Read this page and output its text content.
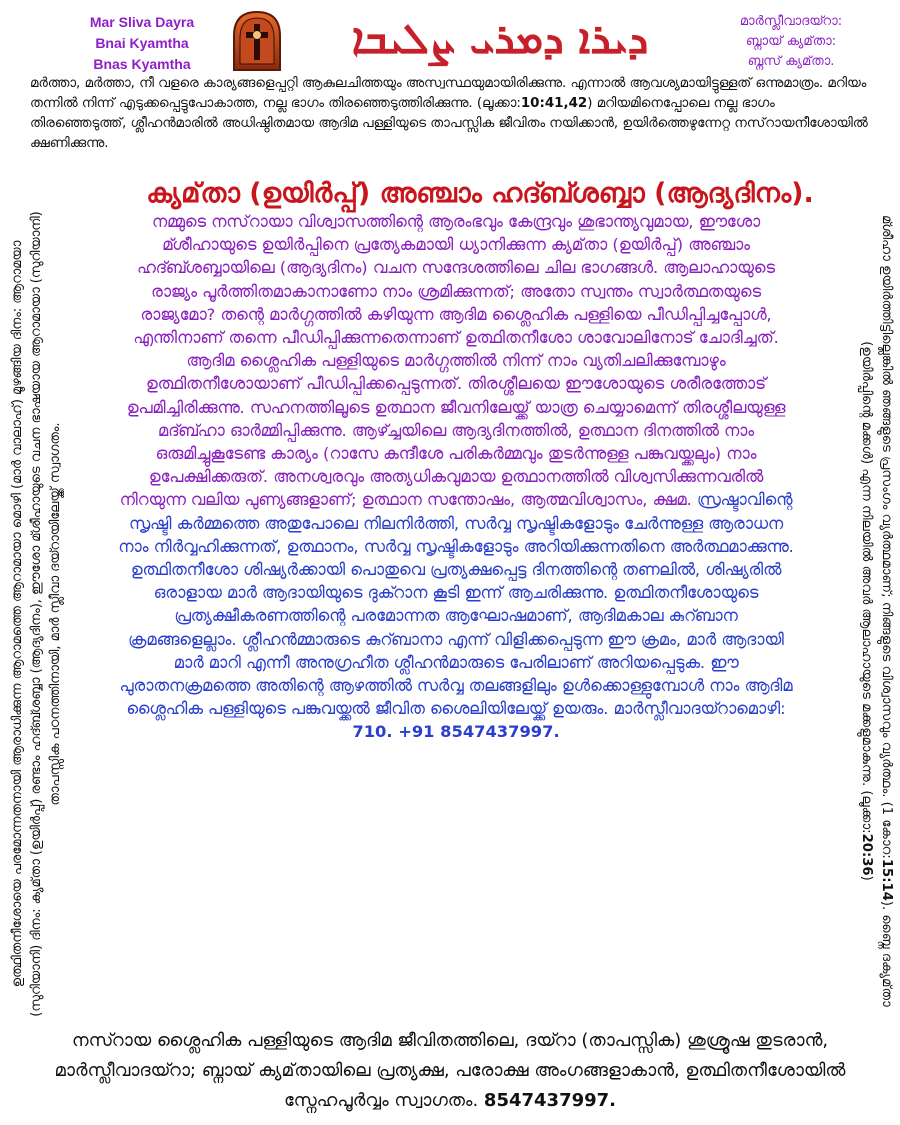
Mar Sliva Dayra
Bnai Kyamtha
Bnas Kyamtha
ܕܝܪܐ ܕܡܪܝ ܨܠܝܒܐ	മാർസ്ലീവാദയ്റാ:
ബ്നായ് ക്യമ്‌താ:
ബ്നസ് ക്യമ്‌താ.
മർത്താ, മർത്താ, നീ വളരെ കാര്യങ്ങളെപ്പറ്റി ആകുലചിത്തയും അസ്വസ്ഥയുമായിരിക്കുന്നു. എന്നാൽ ആവശ്യമായിട്ടുള്ളത് ഒന്നുമാത്രം. മറിയം തന്നിൽ നിന്ന് എടുക്കപ്പെട്ടുപോകാത്ത, നല്ല ഭാഗം തിരഞ്ഞെടുത്തിരിക്കുന്നു. (ലൂക്കാ:10:41,42) മറിയമിനെപ്പോലെ നല്ല ഭാഗം തിരഞ്ഞെടുത്ത്, ശ്ലീഹൻമാരിൽ അധിഷ്ഠിതമായ ആദിമ പള്ളിയുടെ താപസ്സിക ജീവിതം നയിക്കാൻ, ഉയിർത്തെഴുന്നേറ്റ നസ്‌റായനീശോയിൽ ക്ഷണിക്കുന്നു.
ക്യമ്‌താ (ഉയിർപ്പ്) അഞ്ചാം ഹദ്ബ്ശബ്ബാ (ആദ്യദിനം).
നമ്മുടെ നസ്‌റായാ വിശ്വാസത്തിന്റെ ആരംഭവും കേന്ദ്രവും ശുഭാന്ത്യവുമായ, ഈശോ മ്ശീഹായുടെ ഉയിർപ്പിനെ പ്രത്യേകമായി ധ്യാനിക്കുന്ന ക്യമ്‌താ (ഉയിർപ്പ്) അഞ്ചാം ഹദ്ബ്ശബ്ബായിലെ (ആദ്യദിനം) വചന സന്ദേശത്തിലെ ചില ഭാഗങ്ങൾ. ആലാഹായുടെ രാജ്യം പൂർത്തിതമാകാനാണോ നാം ശ്രമിക്കുന്നത്; അതോ സ്വന്തം സ്വാർത്ഥതയുടെ രാജ്യമോ? തന്റെ മാർഗ്ഗത്തിൽ കഴിയുന്ന ആദിമ ശ്ലൈഹിക പള്ളിയെ പീഡിപ്പിച്ചപ്പോൾ, എന്തിനാണ് തന്നെ പീഡിപ്പിക്കുന്നതെന്നാണ് ഉത്ഥിതനീശോ ശാവോലിനോട് ചോദിച്ചത്. ആദിമ ശ്ലൈഹിക പള്ളിയുടെ മാർഗ്ഗത്തിൽ നിന്ന് നാം വ്യതിചലിക്കുമ്പോഴും ഉത്ഥിതനീശോയാണ് പീഡിപ്പിക്കപ്പെടുന്നത്. തിരശ്ശീലയെ ഈശോയുടെ ശരീരത്തോട് ഉപമിച്ചിരിക്കുന്നു. സഹനത്തിലൂടെ ഉത്ഥാന ജീവനിലേയ്ക്ക് യാത്ര ചെയ്യാമെന്ന് തിരശ്ശീലയുള്ള മദ്ബ്ഹാ ഓർമ്മിപ്പിക്കുന്നു. ആഴ്ച്ചയിലെ ആദ്യദിനത്തിൽ, ഉത്ഥാന ദിനത്തിൽ നാം ഒരുമിച്ചുകൂടേണ്ട കാര്യം (റാസേ കന്ദീശേ പരികർമ്മവും തുടർന്നുള്ള പങ്കുവയ്ക്കലും) നാം ഉപേക്ഷിക്കരുത്. അനശ്വരവും അത്യധികവുമായ ഉത്ഥാനത്തിൽ വിശ്വസിക്കുന്നവരിൽ നിറയുന്ന വലിയ പുണ്യങ്ങളാണ്; ഉത്ഥാന സന്തോഷം, ആത്മവിശ്വാസം, ക്ഷമ. സ്രഷ്ടാവിന്റെ സൃഷ്ടി കർമ്മത്തെ അതുപോലെ നിലനിർത്തി, സർവ്വ സൃഷ്ടികളോടും ചേർന്നുള്ള ആരാധന നാം നിർവ്വഹിക്കുന്നത്, ഉത്ഥാനം, സർവ്വ സൃഷ്ടികളോടും അറിയിക്കുന്നതിനെ അർത്ഥമാക്കുന്നു. ഉത്ഥിതനീശോ ശിഷ്യർക്കായി പൊതുവെ പ്രത്യക്ഷപ്പെട്ട ദിനത്തിന്റെ തണലിൽ, ശിഷ്യരിൽ ഒരാളായ മാർ ആദായിയുടെ ദുക്റാന കൂടി ഇന്ന് ആചരിക്കുന്നു. ഉത്ഥിതനീശോയുടെ പ്രത്യക്ഷീകരണത്തിന്റെ പരമോന്നത ആഘോഷമാണ്, ആദിമകാല കുറ്ബാന ക്രമങ്ങളെല്ലാം. ശ്ലീഹൻമ്മാരുടെ കുറ്ബാനാ എന്ന് വിളിക്കപ്പെടുന്ന ഈ ക്രമം, മാർ ആദായി മാർ മാറി എന്നീ അനുഗ്രഹീത ശ്ലീഹൻമാരുടെ പേരിലാണ് അറിയപ്പെടുക. ഈ പുരാതനക്രമത്തെ അതിന്റെ ആഴത്തിൽ സർവ്വ തലങ്ങളിലും ഉൾക്കൊള്ളുമ്പോൾ നാം ആദിമ ശ്ലൈഹിക പള്ളിയുടെ പങ്കുവയ്ക്കൽ ജീവിത ശൈലിയിലേയ്ക്ക് ഉയരും. മാർസ്ലീവാദയ്റാമൊഴി: 710. +91 8547437997.
ഉത്ഥിതനീശോയെ പരമോന്നതനായി ആരാധിക്കുന്ന ആറാമത്തെ ആറാമായാ മൊഴി (മാർ വാലാഹ്) മൂഴങ്ങിയ ദിനം: ആറാമയാ (സുറിയാനി) ദിനം: ക്യമ്‌താ (ഉയിർപ്പ്) രണ്ടാം ഹദ്ബ്ശബ്ബാ (ആദ്യദിനം), ഈശോ മ്ശീഹായുടെ വചന ഭാഷയായ ആറാമായാ (സുറിയാനി) താപസ്സിക പഠനത്തിനായി, മാർ സ്ലീവാ ദയ്റായിലേയ്ക്ക് സ്വാഗതം.	മ്ശീഹാ ഉയിർത്തിട്ടില്ലെങ്കിൽ ഞങ്ങളുടെ പ്രസംഗം വ്യർത്ഥമാണ്; നിങ്ങളുടെ വിശ്വാസവും വ്യർത്ഥം. (1 കോറ:15:14). ബ്നൈ ദക്യമ്‌താ (ഉയിർപ്പിന്റെ മക്കൾ) എന്ന നിലയിൽ അവർ ആലാഹായുടെ മക്കളുമാകുന്നു. (ലൂക്കാ:20:36)
നസ്റായ ശ്ലൈഹിക പള്ളിയുടെ ആദിമ ജീവിതത്തിലെ, ദയ്റാ (താപസ്സിക) ശുശ്രൂഷ തുടരാൻ, മാർസ്ലീവാദയ്റാ; ബ്നായ് ക്യമ്‌തായിലെ പ്രത്യക്ഷ, പരോക്ഷ അംഗങ്ങളാകാൻ, ഉത്ഥിതനീശോയിൽ സ്നേഹപൂർവ്വം സ്വാഗതം. 8547437997.
